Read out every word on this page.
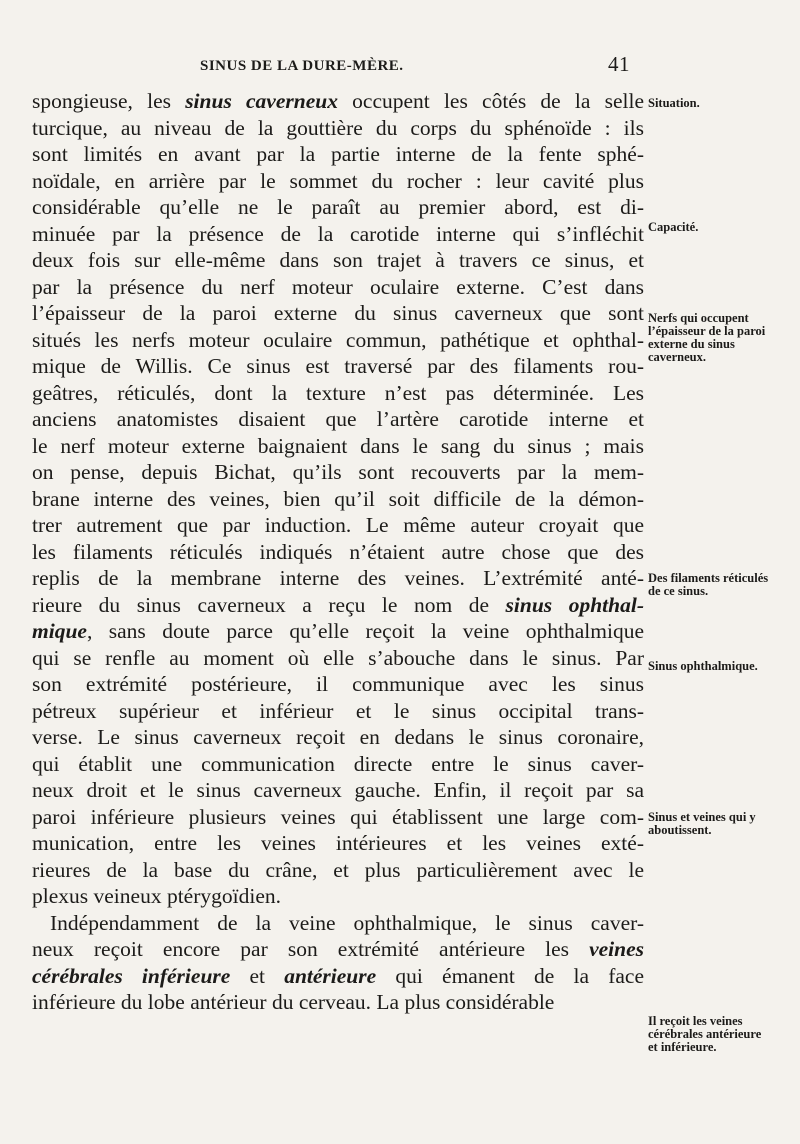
SINUS DE LA DURE-MÈRE.	41
spongieuse, les sinus caverneux occupent les côtés de la selle
turcique, au niveau de la gouttière du corps du sphénoïde : ils
sont limités en avant par la partie interne de la fente sphé-
noïdale, en arrière par le sommet du rocher : leur cavité plus
considérable qu’elle ne le paraît au premier abord, est di-
minuée par la présence de la carotide interne qui s’infléchit
deux fois sur elle-même dans son trajet à travers ce sinus, et
par la présence du nerf moteur oculaire externe. C’est dans
l’épaisseur de la paroi externe du sinus caverneux que sont
situés les nerfs moteur oculaire commun, pathétique et ophthal-
mique de Willis. Ce sinus est traversé par des filaments rou-
geâtres, réticulés, dont la texture n’est pas déterminée. Les
anciens anatomistes disaient que l’artère carotide interne et
le nerf moteur externe baignaient dans le sang du sinus ; mais
on pense, depuis Bichat, qu’ils sont recouverts par la mem-
brane interne des veines, bien qu’il soit difficile de la démon-
trer autrement que par induction. Le même auteur croyait que
les filaments réticulés indiqués n’étaient autre chose que des
replis de la membrane interne des veines. L’extrémité anté-
rieure du sinus caverneux a reçu le nom de sinus ophthal-
mique, sans doute parce qu’elle reçoit la veine ophthalmique
qui se renfle au moment où elle s’abouche dans le sinus. Par
son extrémité postérieure, il communique avec les sinus
pétreux supérieur et inférieur et le sinus occipital trans-
verse. Le sinus caverneux reçoit en dedans le sinus coronaire,
qui établit une communication directe entre le sinus caver-
neux droit et le sinus caverneux gauche. Enfin, il reçoit par sa
paroi inférieure plusieurs veines qui établissent une large com-
munication, entre les veines intérieures et les veines exté-
rieures de la base du crâne, et plus particulièrement avec le
plexus veineux ptérygoïdien.
Indépendamment de la veine ophthalmique, le sinus caver-
neux reçoit encore par son extrémité antérieure les veines
cérébrales inférieure et antérieure qui émanent de la face
inférieure du lobe antérieur du cerveau. La plus considérable
Situation.
Capacité.
Nerfs qui occupent l’épaisseur de la paroi externe du sinus caverneux.
Des filaments réticulés de ce sinus.
Sinus ophthalmique.
Sinus et veines qui y aboutissent.
Il reçoit les veines cérébrales antérieure et inférieure.
